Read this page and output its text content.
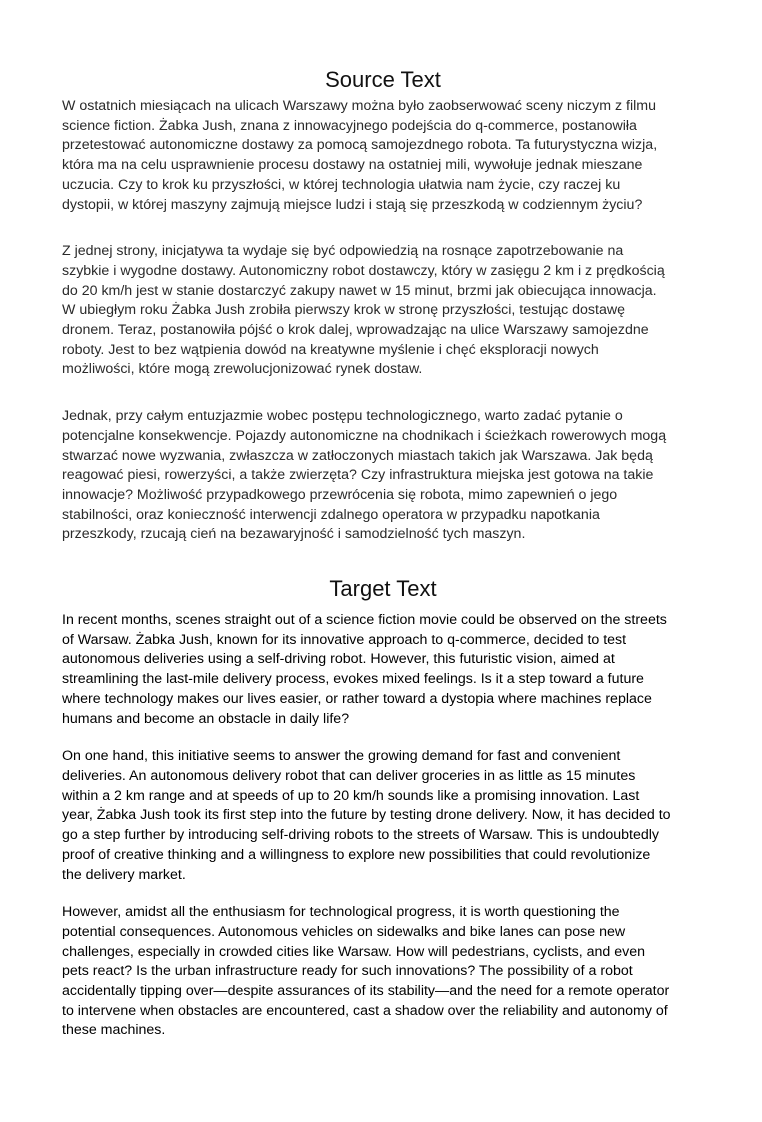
Source Text

W ostatnich miesiącach na ulicach Warszawy można było zaobserwować sceny niczym z filmu
science fiction. Żabka Jush, znana z innowacyjnego podejścia do q-commerce, postanowiła
przetestować autonomiczne dostawy za pomocą samojezdnego robota. Ta futurystyczna wizja,
która ma na celu usprawnienie procesu dostawy na ostatniej mili, wywołuje jednak mieszane
uczucia. Czy to krok ku przyszłości, w której technologia ułatwia nam życie, czy raczej ku
dystopii, w której maszyny zajmują miejsce ludzi i stają się przeszkodą w codziennym życiu?

Z jednej strony, inicjatywa ta wydaje się być odpowiedzią na rosnące zapotrzebowanie na
szybkie i wygodne dostawy. Autonomiczny robot dostawczy, który w zasięgu 2 km i z prędkością
do 20 km/h jest w stanie dostarczyć zakupy nawet w 15 minut, brzmi jak obiecująca innowacja.
W ubiegłym roku Żabka Jush zrobiła pierwszy krok w stronę przyszłości, testując dostawę
dronem. Teraz, postanowiła pójść o krok dalej, wprowadzając na ulice Warszawy samojezdne
roboty. Jest to bez wątpienia dowód na kreatywne myślenie i chęć eksploracji nowych
możliwości, które mogą zrewolucjonizować rynek dostaw.

Jednak, przy całym entuzjazmie wobec postępu technologicznego, warto zadać pytanie o
potencjalne konsekwencje. Pojazdy autonomiczne na chodnikach i ścieżkach rowerowych mogą
stwarzać nowe wyzwania, zwłaszcza w zatłoczonych miastach takich jak Warszawa. Jak będą
reagować piesi, rowerzyści, a także zwierzęta? Czy infrastruktura miejska jest gotowa na takie
innowacje? Możliwość przypadkowego przewrócenia się robota, mimo zapewnień o jego
stabilności, oraz konieczność interwencji zdalnego operatora w przypadku napotkania
przeszkody, rzucają cień na bezawaryjność i samodzielność tych maszyn.

Target Text

In recent months, scenes straight out of a science fiction movie could be observed on the streets
of Warsaw. Żabka Jush, known for its innovative approach to q-commerce, decided to test
autonomous deliveries using a self-driving robot. However, this futuristic vision, aimed at
streamlining the last-mile delivery process, evokes mixed feelings. Is it a step toward a future
where technology makes our lives easier, or rather toward a dystopia where machines replace
humans and become an obstacle in daily life?

On one hand, this initiative seems to answer the growing demand for fast and convenient
deliveries. An autonomous delivery robot that can deliver groceries in as little as 15 minutes
within a 2 km range and at speeds of up to 20 km/h sounds like a promising innovation. Last
year, Żabka Jush took its first step into the future by testing drone delivery. Now, it has decided to
go a step further by introducing self-driving robots to the streets of Warsaw. This is undoubtedly
proof of creative thinking and a willingness to explore new possibilities that could revolutionize
the delivery market.

However, amidst all the enthusiasm for technological progress, it is worth questioning the
potential consequences. Autonomous vehicles on sidewalks and bike lanes can pose new
challenges, especially in crowded cities like Warsaw. How will pedestrians, cyclists, and even
pets react? Is the urban infrastructure ready for such innovations? The possibility of a robot
accidentally tipping over—despite assurances of its stability—and the need for a remote operator
to intervene when obstacles are encountered, cast a shadow over the reliability and autonomy of
these machines.
